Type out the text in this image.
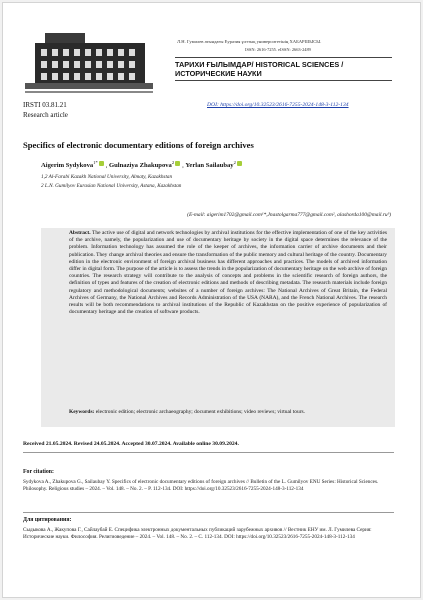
Л.Н. Гумилев атындағы Еуразия ұлттық университетінің ХАБАРШЫСЫ.
ISSN: 2616-7255. eISSN: 2663-2489
ТАРИХИ ҒЫЛЫМДАР/ HISTORICAL SCIENCES /
ИСТОРИЧЕСКИЕ НАУКИ
IRSTI 03.81.21
Research article
DOI: https://doi.org/10.32523/2616-7255-2024-148-3-112-134
Specifics of electronic documentary editions of foreign archives
Aigerim Sydykova$^{1*}$ , Gulnaziya Zhakupova$^2$ , Yerlan Sailaubay$^2$
1,2 Al-Farabi Kazakh National University, Almaty, Kazakhstan
2 L.N. Gumilyov Eurasian National University, Astana, Kazakhstan
(E-mail: aigerim1702@gmail.com¹*,Jnastolgarma777@gmail.com², alashorda100@mail.ru³)
Abstract. The active use of digital and network technologies by archival institutions for the effective implementation of one of the key activities of the archive, namely, the popularization and use of documentary heritage by society in the digital space determines the relevance of the problem. Information technology has assumed the role of the keeper of archives, the information carrier of archive documents and their publication. They change archival theories and ensure the transformation of the public memory and cultural heritage of the country. Documentary edition in the electronic environment of foreign archival business has different approaches and practices. The models of archived information differ in digital form. The purpose of the article is to assess the trends in the popularization of documentary heritage on the web archive of foreign countries. The research strategy will contribute to the analysis of concepts and problems in the scientific research of foreign authors, the definition of types and features of the creation of electronic editions and methods of describing metadata. The research materials include foreign regulatory and methodological documents; websites of a number of foreign archives: The National Archives of Great Britain, the Federal Archives of Germany, the National Archives and Records Administration of the USA (NARA), and the French National Archives. The research results will be both recommendations to archival institutions of the Republic of Kazakhstan on the positive experience of popularization of documentary heritage and the creation of software products.
Keywords: electronic edition; electronic archaeography; document exhibitions; video reviews; virtual tours.
Received 21.05.2024. Revised 24.05.2024. Accepted 30.07.2024. Available online 30.09.2024.
For citation:
Sydykova A., Zhakupova G., Sailaubay Y. Specifics of electronic documentary editions of foreign archives // Bulletin of the L. Gumilyov ENU Series: Historical Sciences. Philosophy. Religious studies – 2024. – Vol. 148. – No. 2. – P. 112-134. DOI: https://doi.org/10.32523/2616-7255-2024-148-3-112-134
Для цитирования:
Сыдыкова А., Жакупова Г., Сайлаубай Е. Специфика электронных документальных публикаций зарубежных архивов // Вестник ЕНУ им. Л. Гумилева Серия: Исторические науки. Философия. Религиоведение – 2024. – Vol. 148. – No. 2. – C. 112-134. DOI: https://doi.org/10.32523/2616-7255-2024-148-3-112-134
